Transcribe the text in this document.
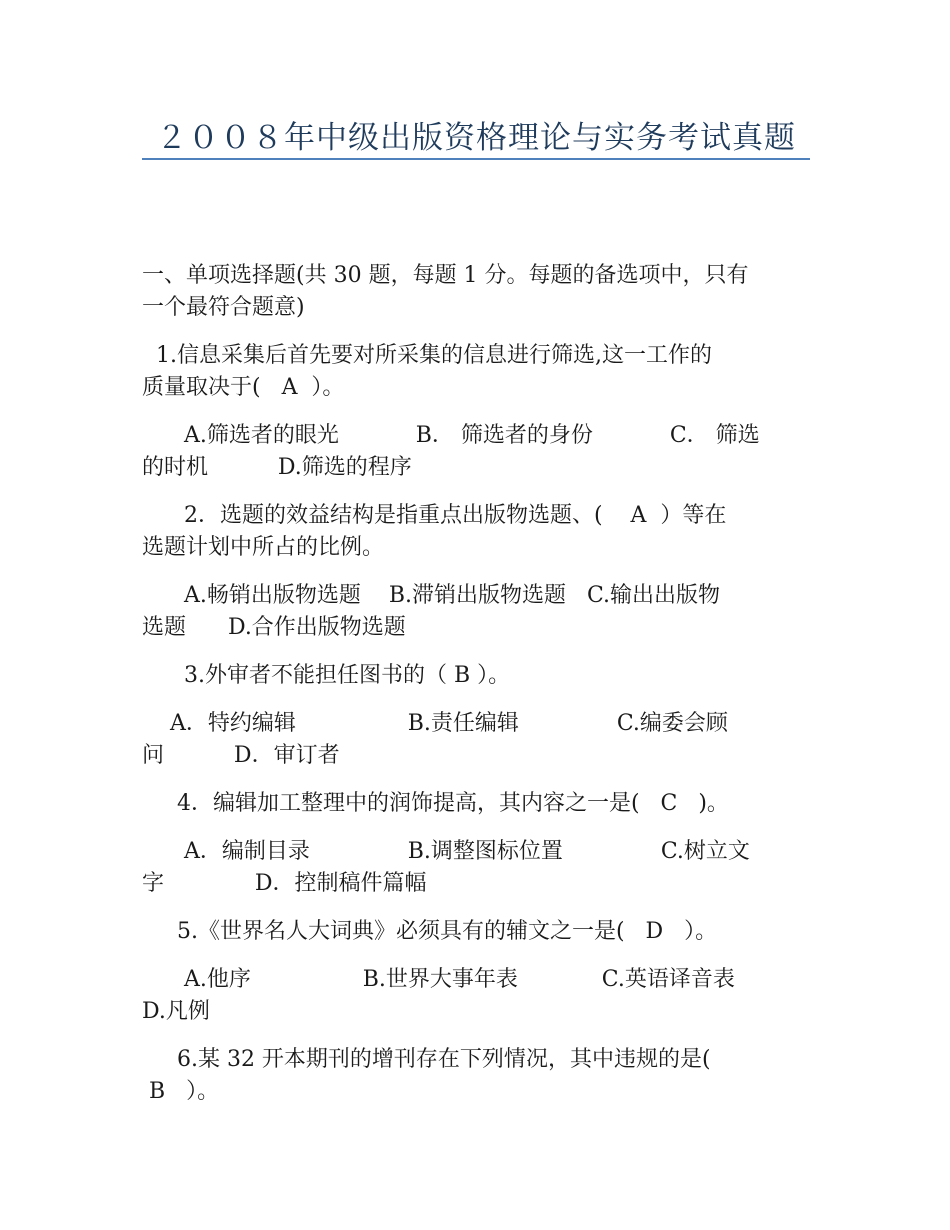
２００８年中级出版资格理论与实务考试真题
一、单项选择题(共 30 题，每题 1 分。每题的备选项中，只有
一个最符合题意)
1.信息采集后首先要对所采集的信息进行筛选,这一工作的
质量取决于(   A  ）。
A.筛选者的眼光           B． 筛选者的身份           C． 筛选
的时机          D.筛选的程序
2．选题的效益结构是指重点出版物选题、(    A  ）等在
选题计划中所占的比例。
A.畅销出版物选题    B.滞销出版物选题   C.输出出版物
选题      D.合作出版物选题
3.外审者不能担任图书的（ B ）。
A．特约编辑                B.责任编辑              C.编委会顾
问          D．审订者
4．编辑加工整理中的润饰提高，其内容之一是(   C   )。
A．编制目录              B.调整图标位置              C.树立文
字             D．控制稿件篇幅
5.《世界名人大词典》必须具有的辅文之一是(   D   ）。
A.他序                B.世界大事年表            C.英语译音表
D.凡例
6.某 32 开本期刊的增刊存在下列情况，其中违规的是(
B   ）。
